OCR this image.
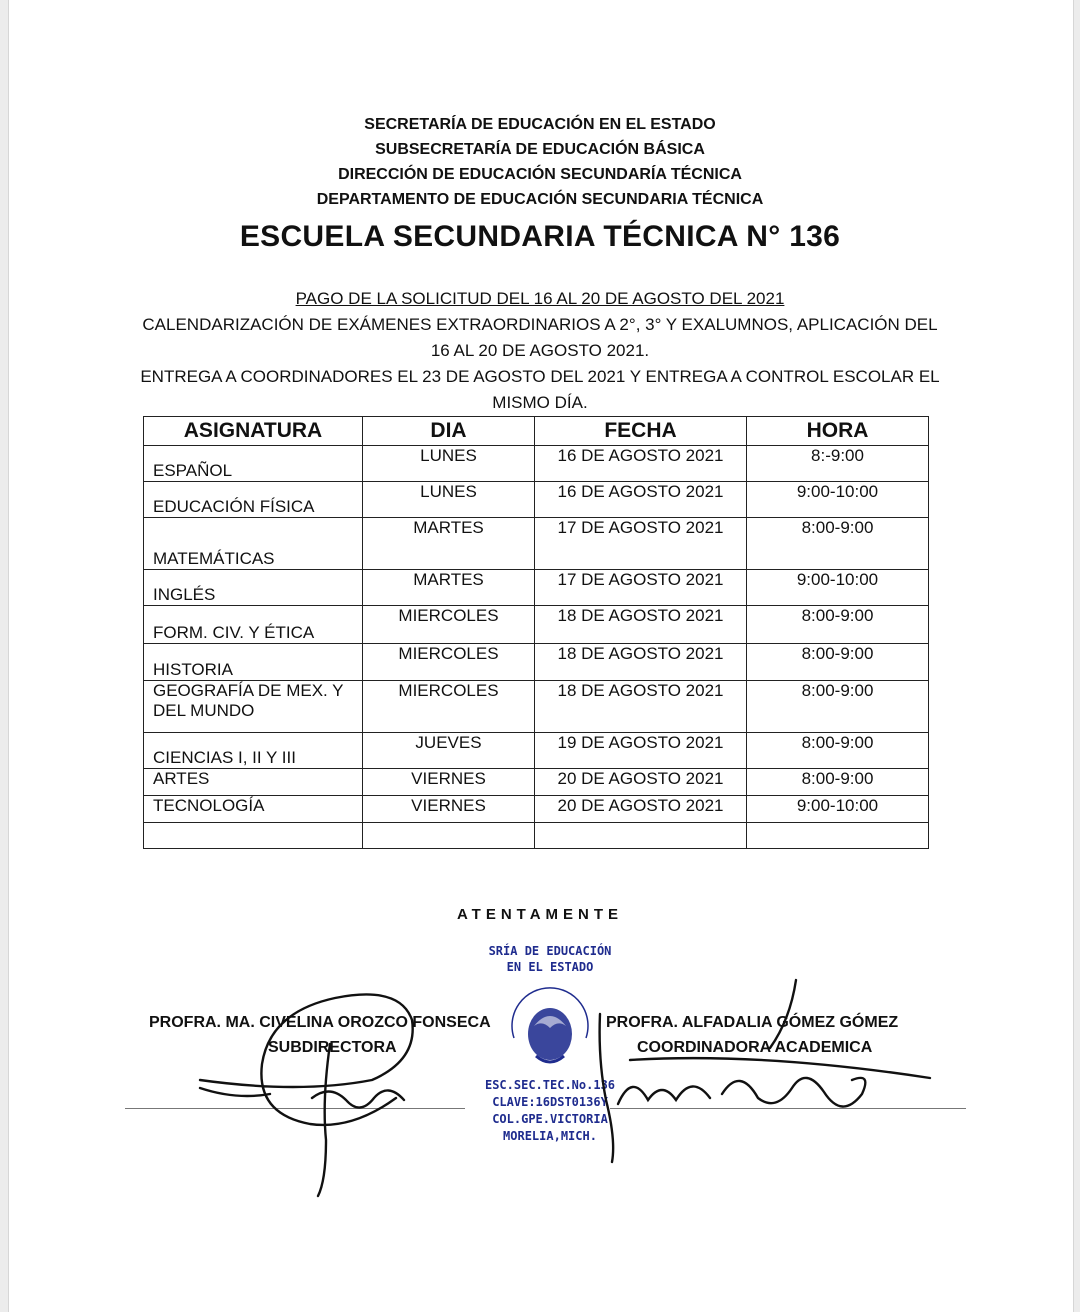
SECRETARÍA DE EDUCACIÓN EN EL ESTADO
SUBSECRETARÍA DE EDUCACIÓN BÁSICA
DIRECCIÓN DE EDUCACIÓN SECUNDARÍA TÉCNICA
DEPARTAMENTO DE EDUCACIÓN SECUNDARIA TÉCNICA
ESCUELA SECUNDARIA TÉCNICA N° 136
PAGO DE LA SOLICITUD DEL 16 AL 20 DE AGOSTO DEL 2021
CALENDARIZACIÓN DE EXÁMENES EXTRAORDINARIOS A 2°, 3° Y EXALUMNOS, APLICACIÓN DEL 16 AL 20 DE AGOSTO 2021.
ENTREGA A COORDINADORES EL 23 DE AGOSTO DEL 2021 Y ENTREGA A CONTROL ESCOLAR EL MISMO DÍA.
ASIGNATURA	DIA	FECHA	HORA
ESPAÑOL	LUNES	16 DE AGOSTO 2021	8:-9:00
EDUCACIÓN FÍSICA	LUNES	16 DE AGOSTO 2021	9:00-10:00
MATEMÁTICAS	MARTES	17 DE AGOSTO 2021	8:00-9:00
INGLÉS	MARTES	17 DE AGOSTO 2021	9:00-10:00
FORM. CIV. Y ÉTICA	MIERCOLES	18 DE AGOSTO 2021	8:00-9:00
HISTORIA	MIERCOLES	18 DE AGOSTO 2021	8:00-9:00
GEOGRAFÍA DE MEX. Y DEL MUNDO	MIERCOLES	18 DE AGOSTO 2021	8:00-9:00
CIENCIAS I, II Y III	JUEVES	19 DE AGOSTO 2021	8:00-9:00
ARTES	VIERNES	20 DE AGOSTO 2021	8:00-9:00
TECNOLOGÍA	VIERNES	20 DE AGOSTO 2021	9:00-10:00

ATENTAMENTE
PROFRA. MA. CIVELINA OROZCO FONSECA
SUBDIRECTORA
PROFRA. ALFADALIA GÓMEZ GÓMEZ
COORDINADORA ACADEMICA
SRÍA DE EDUCACIÓN
EN EL ESTADO
ESC.SEC.TEC.No.136
CLAVE:16DST0136Y
COL.GPE.VICTORIA
MORELIA,MICH.
